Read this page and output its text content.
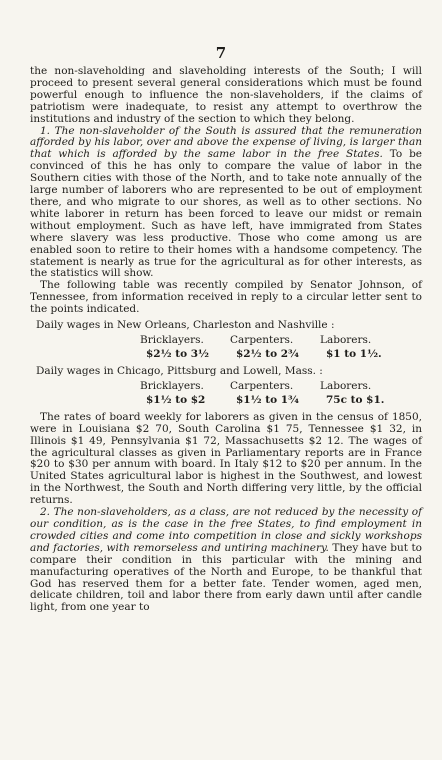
7

the non-slaveholding and slaveholding interests of the South; I will proceed to present several general considerations which must be found powerful enough to influence the non-slaveholders, if the claims of patriotism were inadequate, to resist any attempt to overthrow the institutions and industry of the section to which they belong.

1. The non-slaveholder of the South is assured that the remuneration afforded by his labor, over and above the expense of living, is larger than that which is afforded by the same labor in the free States. To be convinced of this he has only to compare the value of labor in the Southern cities with those of the North, and to take note annually of the large number of laborers who are represented to be out of employment there, and who migrate to our shores, as well as to other sections. No white laborer in return has been forced to leave our midst or remain without employment. Such as have left, have immigrated from States where slavery was less productive. Those who come among us are enabled soon to retire to their homes with a handsome competency. The statement is nearly as true for the agricultural as for other interests, as the statistics will show.

The following table was recently compiled by Senator Johnson, of Tennessee, from information received in reply to a circular letter sent to the points indicated.

Daily wages in New Orleans, Charleston and Nashville :
Bricklayers.	Carpenters.	Laborers.
$2½ to 3½	$2½ to 2¾	$1 to 1½.
Daily wages in Chicago, Pittsburg and Lowell, Mass. :
Bricklayers.	Carpenters.	Laborers.
$1½ to $2	$1½ to 1¾	75c to $1.

The rates of board weekly for laborers as given in the census of 1850, were in Louisiana $2 70, South Carolina $1 75, Tennessee $1 32, in Illinois $1 49, Pennsylvania $1 72, Massachusetts $2 12. The wages of the agricultural classes as given in Parliamentary reports are in France $20 to $30 per annum with board. In Italy $12 to $20 per annum. In the United States agricultural labor is highest in the Southwest, and lowest in the Northwest, the South and North differing very little, by the official returns.

2. The non-slaveholders, as a class, are not reduced by the necessity of our condition, as is the case in the free States, to find employment in crowded cities and come into competition in close and sickly workshops and factories, with remorseless and untiring machinery. They have but to compare their condition in this particular with the mining and manufacturing operatives of the North and Europe, to be thankful that God has reserved them for a better fate. Tender women, aged men, delicate children, toil and labor there from early dawn until after candle light, from one year to
